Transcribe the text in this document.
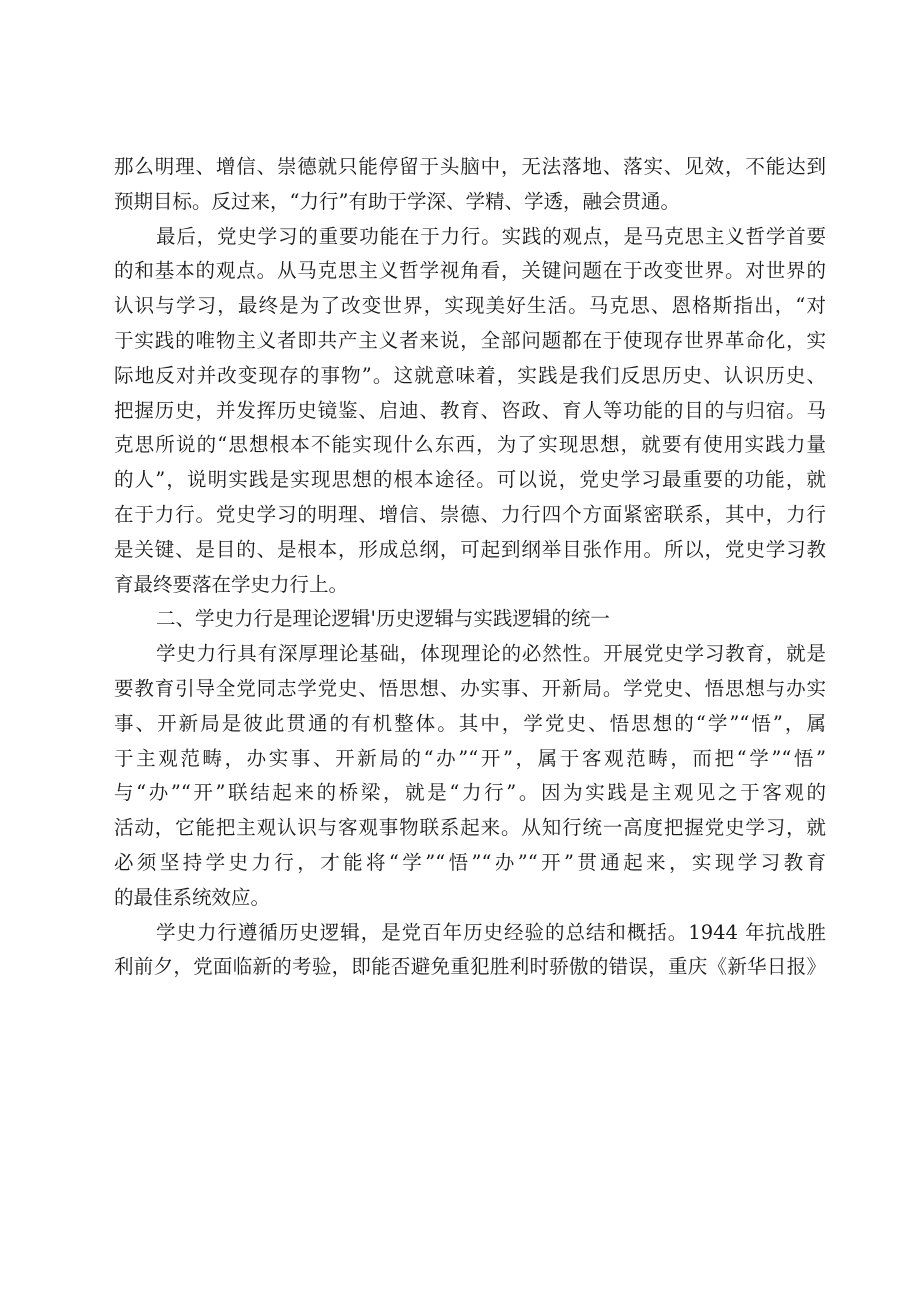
那么明理、增信、崇德就只能停留于头脑中，无法落地、落实、见效，不能达到
预期目标。反过来，“力行”有助于学深、学精、学透，融会贯通。
最后，党史学习的重要功能在于力行。实践的观点，是马克思主义哲学首要
的和基本的观点。从马克思主义哲学视角看，关键问题在于改变世界。对世界的
认识与学习，最终是为了改变世界，实现美好生活。马克思、恩格斯指出，“对
于实践的唯物主义者即共产主义者来说，全部问题都在于使现存世界革命化，实
际地反对并改变现存的事物”。这就意味着，实践是我们反思历史、认识历史、
把握历史，并发挥历史镜鉴、启迪、教育、咨政、育人等功能的目的与归宿。马
克思所说的“思想根本不能实现什么东西，为了实现思想，就要有使用实践力量
的人”，说明实践是实现思想的根本途径。可以说，党史学习最重要的功能，就
在于力行。党史学习的明理、增信、崇德、力行四个方面紧密联系，其中，力行
是关键、是目的、是根本，形成总纲，可起到纲举目张作用。所以，党史学习教
育最终要落在学史力行上。
二、学史力行是理论逻辑'历史逻辑与实践逻辑的统一
学史力行具有深厚理论基础，体现理论的必然性。开展党史学习教育，就是
要教育引导全党同志学党史、悟思想、办实事、开新局。学党史、悟思想与办实
事、开新局是彼此贯通的有机整体。其中，学党史、悟思想的“学”“悟”，属
于主观范畴，办实事、开新局的“办”“开”，属于客观范畴，而把“学”“悟”
与“办”“开”联结起来的桥梁，就是“力行”。因为实践是主观见之于客观的
活动，它能把主观认识与客观事物联系起来。从知行统一高度把握党史学习，就
必须坚持学史力行，才能将“学”“悟”“办”“开”贯通起来，实现学习教育
的最佳系统效应。
学史力行遵循历史逻辑，是党百年历史经验的总结和概括。1944 年抗战胜
利前夕，党面临新的考验，即能否避免重犯胜利时骄傲的错误，重庆《新华日报》
